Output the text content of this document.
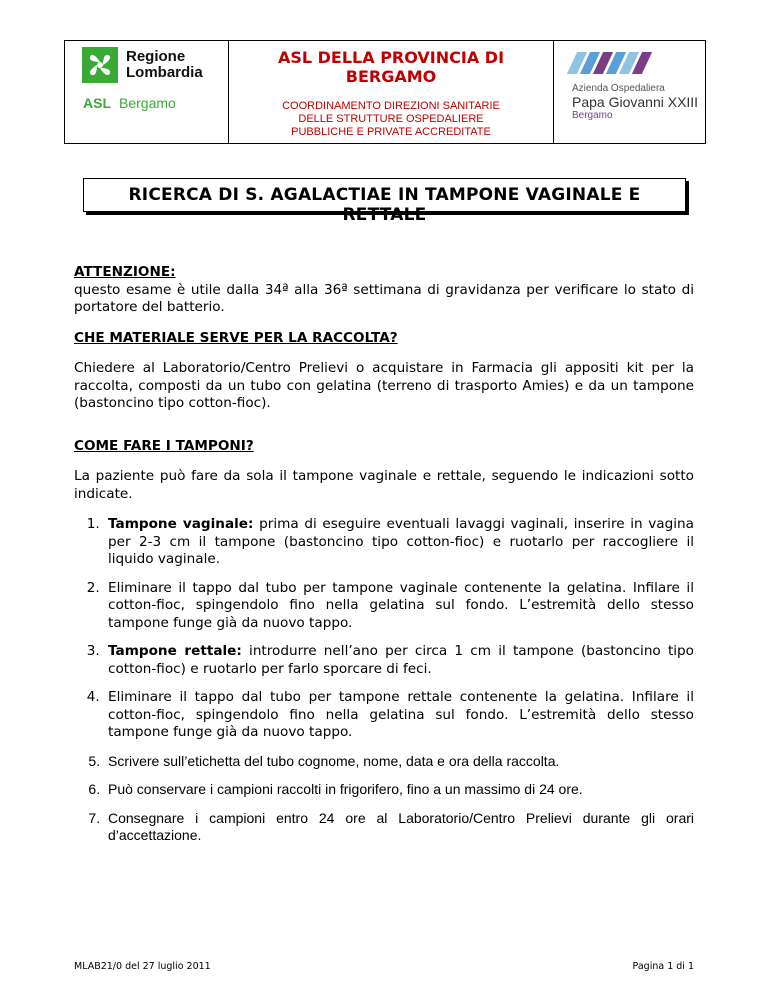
Regione
Lombardia
ASL Bergamo
ASL DELLA PROVINCIA DI
BERGAMO
COORDINAMENTO DIREZIONI SANITARIE
DELLE STRUTTURE OSPEDALIERE
PUBBLICHE E PRIVATE ACCREDITATE
Azienda Ospedaliera
Papa Giovanni XXIII
Bergamo
RICERCA DI S. AGALACTIAE IN TAMPONE VAGINALE E RETTALE
ATTENZIONE:

questo esame è utile dalla 34ª alla 36ª settimana di gravidanza per verificare lo stato di portatore del batterio.

CHE MATERIALE SERVE PER LA RACCOLTA?

Chiedere al Laboratorio/Centro Prelievi o acquistare in Farmacia gli appositi kit per la raccolta, composti da un tubo con gelatina (terreno di trasporto Amies) e da un tampone (bastoncino tipo cotton-fioc).

COME FARE I TAMPONI?

La paziente può fare da sola il tampone vaginale e rettale, seguendo le indicazioni sotto indicate.

1. Tampone vaginale: prima di eseguire eventuali lavaggi vaginali, inserire in vagina per 2-3 cm il tampone (bastoncino tipo cotton-fioc) e ruotarlo per raccogliere il liquido vaginale.
2. Eliminare il tappo dal tubo per tampone vaginale contenente la gelatina. Infilare il cotton-fioc, spingendolo fino nella gelatina sul fondo. L’estremità dello stesso tampone funge già da nuovo tappo.
3. Tampone rettale: introdurre nell’ano per circa 1 cm il tampone (bastoncino tipo cotton-fioc) e ruotarlo per farlo sporcare di feci.
4. Eliminare il tappo dal tubo per tampone rettale contenente la gelatina. Infilare il cotton-fioc, spingendolo fino nella gelatina sul fondo. L’estremità dello stesso tampone funge già da nuovo tappo.
5. Scrivere sull’etichetta del tubo cognome, nome, data e ora della raccolta.
6. Può conservare i campioni raccolti in frigorifero, fino a un massimo di 24 ore.
7. Consegnare i campioni entro 24 ore al Laboratorio/Centro Prelievi durante gli orari d’accettazione.
MLAB21/0 del 27 luglio 2011	Pagina 1 di 1
